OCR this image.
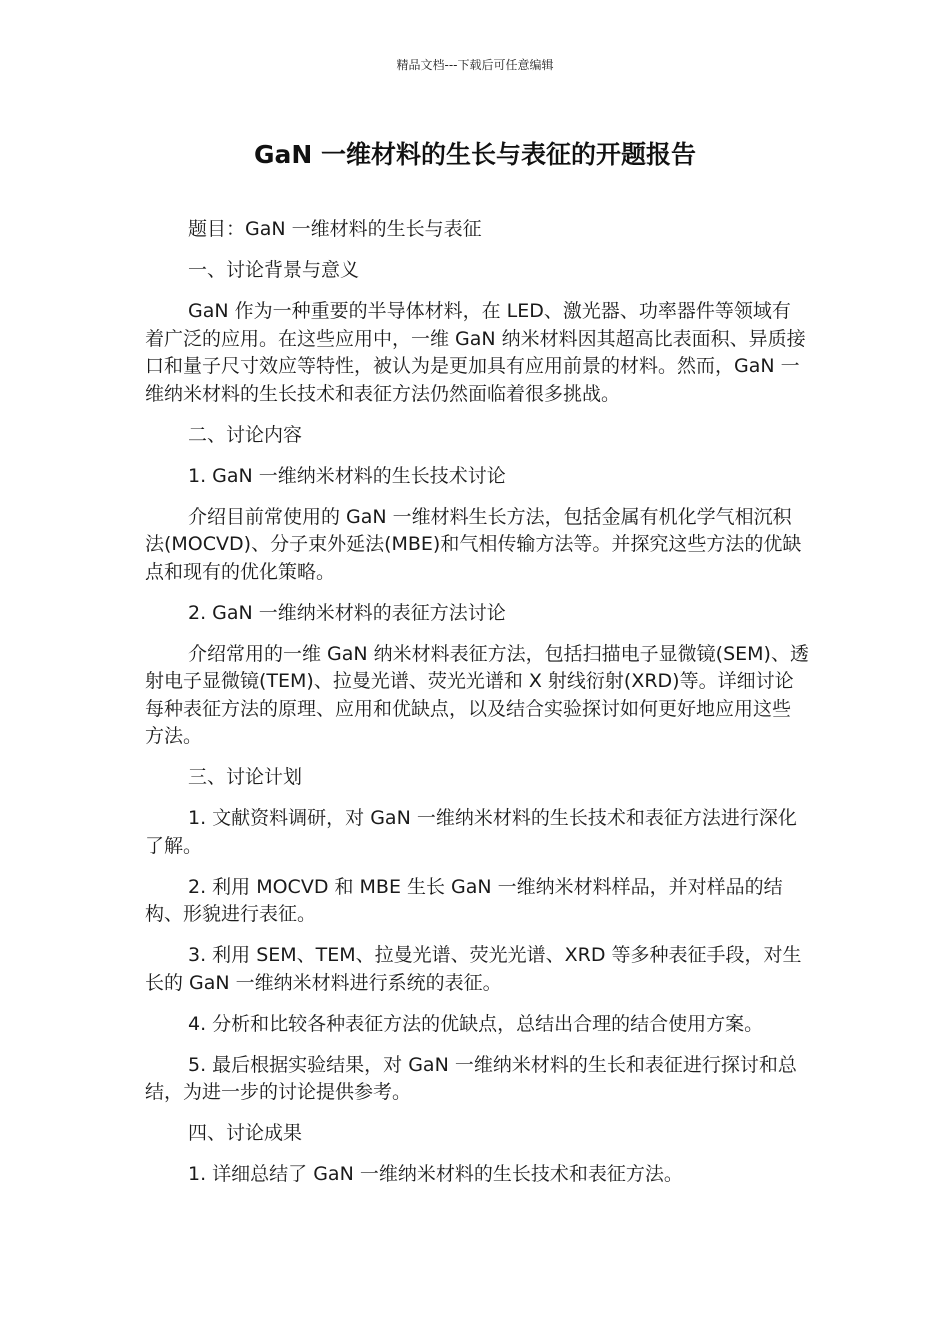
精品文档---下载后可任意编辑
GaN 一维材料的生长与表征的开题报告

题目：GaN 一维材料的生长与表征

一、讨论背景与意义

GaN 作为一种重要的半导体材料，在 LED、激光器、功率器件等领域有着广泛的应用。在这些应用中，一维 GaN 纳米材料因其超高比表面积、异质接口和量子尺寸效应等特性，被认为是更加具有应用前景的材料。然而，GaN 一维纳米材料的生长技术和表征方法仍然面临着很多挑战。

二、讨论内容

1. GaN 一维纳米材料的生长技术讨论

介绍目前常使用的 GaN 一维材料生长方法，包括金属有机化学气相沉积法(MOCVD)、分子束外延法(MBE)和气相传输方法等。并探究这些方法的优缺点和现有的优化策略。

2. GaN 一维纳米材料的表征方法讨论

介绍常用的一维 GaN 纳米材料表征方法，包括扫描电子显微镜(SEM)、透射电子显微镜(TEM)、拉曼光谱、荧光光谱和 X 射线衍射(XRD)等。详细讨论每种表征方法的原理、应用和优缺点，以及结合实验探讨如何更好地应用这些方法。

三、讨论计划

1. 文献资料调研，对 GaN 一维纳米材料的生长技术和表征方法进行深化了解。

2. 利用 MOCVD 和 MBE 生长 GaN 一维纳米材料样品，并对样品的结构、形貌进行表征。

3. 利用 SEM、TEM、拉曼光谱、荧光光谱、XRD 等多种表征手段，对生长的 GaN 一维纳米材料进行系统的表征。

4. 分析和比较各种表征方法的优缺点，总结出合理的结合使用方案。

5. 最后根据实验结果，对 GaN 一维纳米材料的生长和表征进行探讨和总结，为进一步的讨论提供参考。

四、讨论成果

1. 详细总结了 GaN 一维纳米材料的生长技术和表征方法。
